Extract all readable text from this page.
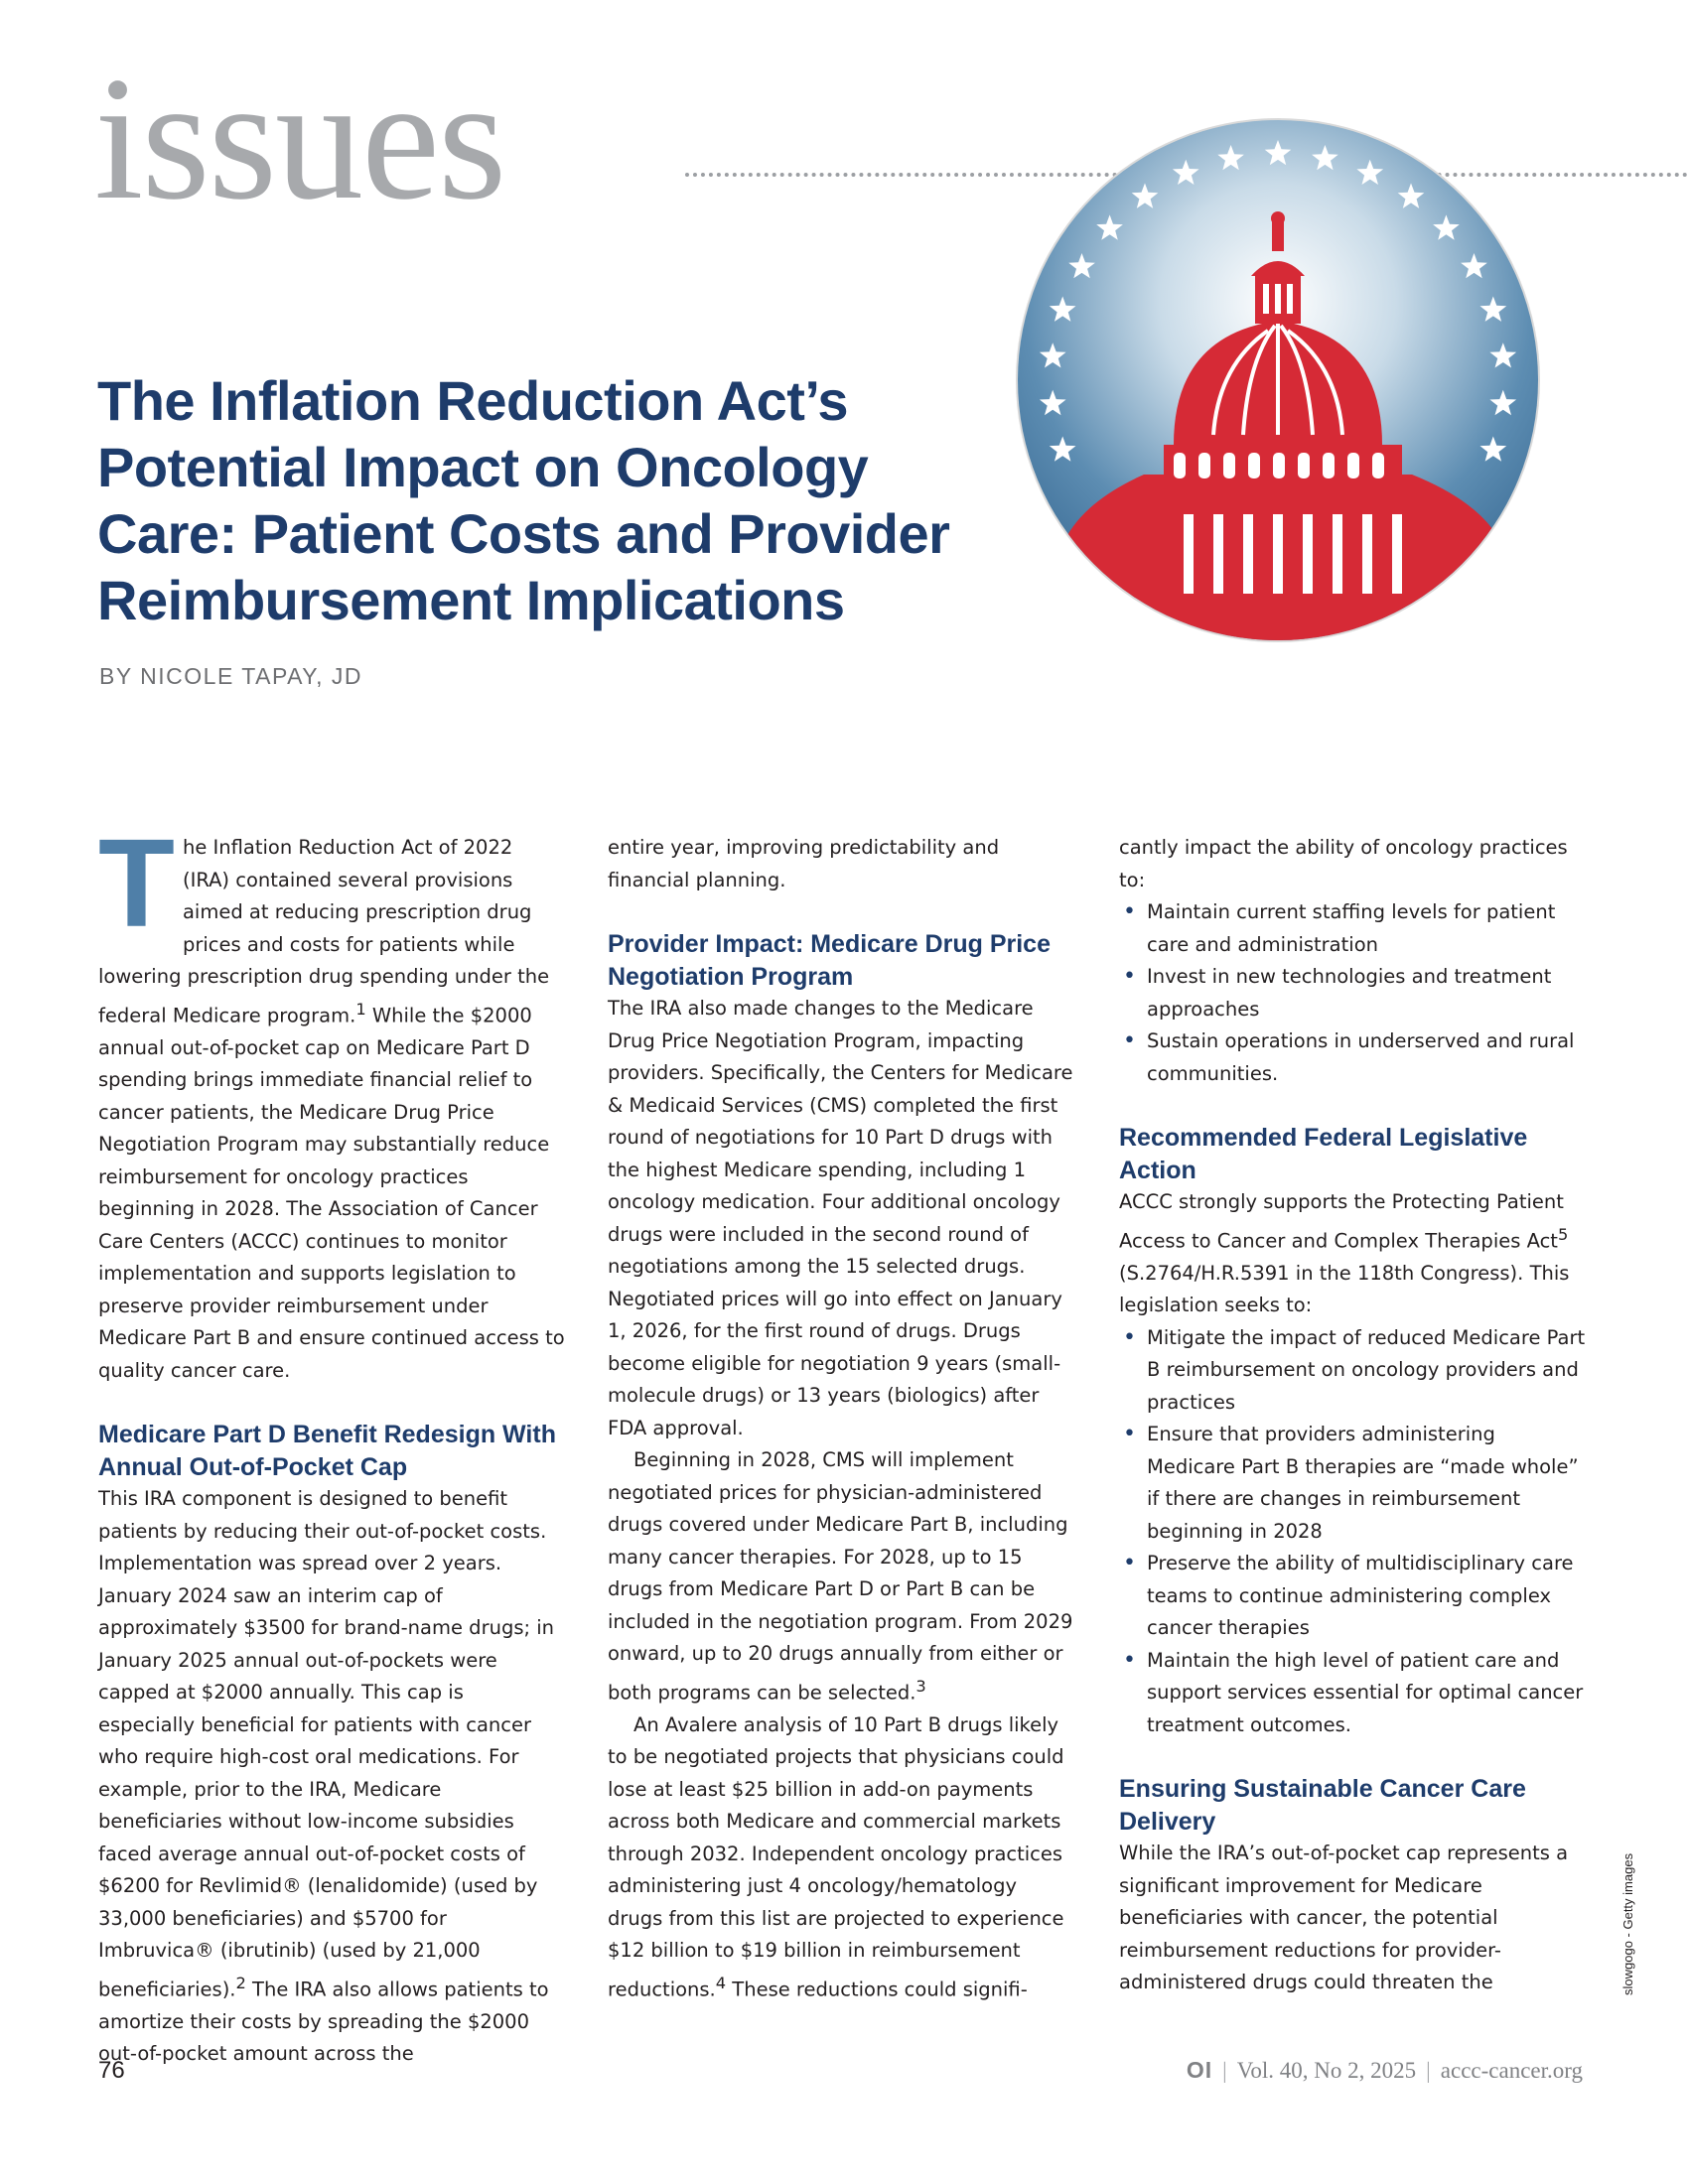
issues
The Inflation Reduction Act’s Potential Impact on Oncology Care: Patient Costs and Provider Reimbursement Implications
BY NICOLE TAPAY, JD

The Inflation Reduction Act of 2022 (IRA) contained several provisions aimed at reducing prescription drug prices and costs for patients while lowering prescription drug spending under the federal Medicare program.$^1$ While the $2000 annual out-of-pocket cap on Medicare Part D spending brings immediate financial relief to cancer patients, the Medicare Drug Price Negotiation Program may substantially reduce reimbursement for oncology practices beginning in 2028. The Association of Cancer Care Centers (ACCC) continues to monitor implementation and supports legislation to preserve provider reimbursement under Medicare Part B and ensure continued access to quality cancer care.

Medicare Part D Benefit Redesign With Annual Out-of-Pocket Cap

This IRA component is designed to benefit patients by reducing their out-of-pocket costs. Implementation was spread over 2 years. January 2024 saw an interim cap of approximately $3500 for brand-name drugs; in January 2025 annual out-of-pockets were capped at $2000 annually. This cap is especially beneficial for patients with cancer who require high-cost oral medications. For example, prior to the IRA, Medicare beneficiaries without low-income subsidies faced average annual out-of-pocket costs of $6200 for Revlimid® (lenalidomide) (used by 33,000 beneficiaries) and $5700 for Imbruvica® (ibrutinib) (used by 21,000 beneficiaries).$^2$ The IRA also allows patients to amortize their costs by spreading the $2000 out-of-pocket amount across the

entire year, improving predictability and financial planning.

Provider Impact: Medicare Drug Price Negotiation Program

The IRA also made changes to the Medicare Drug Price Negotiation Program, impacting providers. Specifically, the Centers for Medicare & Medicaid Services (CMS) completed the first round of negotiations for 10 Part D drugs with the highest Medicare spending, including 1 oncology medication. Four additional oncology drugs were included in the second round of negotiations among the 15 selected drugs. Negotiated prices will go into effect on January 1, 2026, for the first round of drugs. Drugs become eligible for negotiation 9 years (small-molecule drugs) or 13 years (biologics) after FDA approval.

Beginning in 2028, CMS will implement negotiated prices for physician-administered drugs covered under Medicare Part B, including many cancer therapies. For 2028, up to 15 drugs from Medicare Part D or Part B can be included in the negotiation program. From 2029 onward, up to 20 drugs annually from either or both programs can be selected.$^3$

An Avalere analysis of 10 Part B drugs likely to be negotiated projects that physicians could lose at least $25 billion in add-on payments across both Medicare and commercial markets through 2032. Independent oncology practices administering just 4 oncology/hematology drugs from this list are projected to experience $12 billion to $19 billion in reimbursement reductions.$^4$ These reductions could signifi-

cantly impact the ability of oncology practices to:

• Maintain current staffing levels for patient care and administration
• Invest in new technologies and treatment approaches
• Sustain operations in underserved and rural communities.
Recommended Federal Legislative Action

ACCC strongly supports the Protecting Patient Access to Cancer and Complex Therapies Act$^5$ (S.2764/H.R.5391 in the 118th Congress). This legislation seeks to:

• Mitigate the impact of reduced Medicare Part B reimbursement on oncology providers and practices
• Ensure that providers administering Medicare Part B therapies are “made whole” if there are changes in reimbursement beginning in 2028
• Preserve the ability of multidisciplinary care teams to continue administering complex cancer therapies
• Maintain the high level of patient care and support services essential for optimal cancer treatment outcomes.
Ensuring Sustainable Cancer Care Delivery

While the IRA’s out-of-pocket cap represents a significant improvement for Medicare beneficiaries with cancer, the potential reimbursement reductions for provider-administered drugs could threaten the	slowgogo - Getty images
76	OI | Vol. 40, No 2, 2025 | accc-cancer.org
